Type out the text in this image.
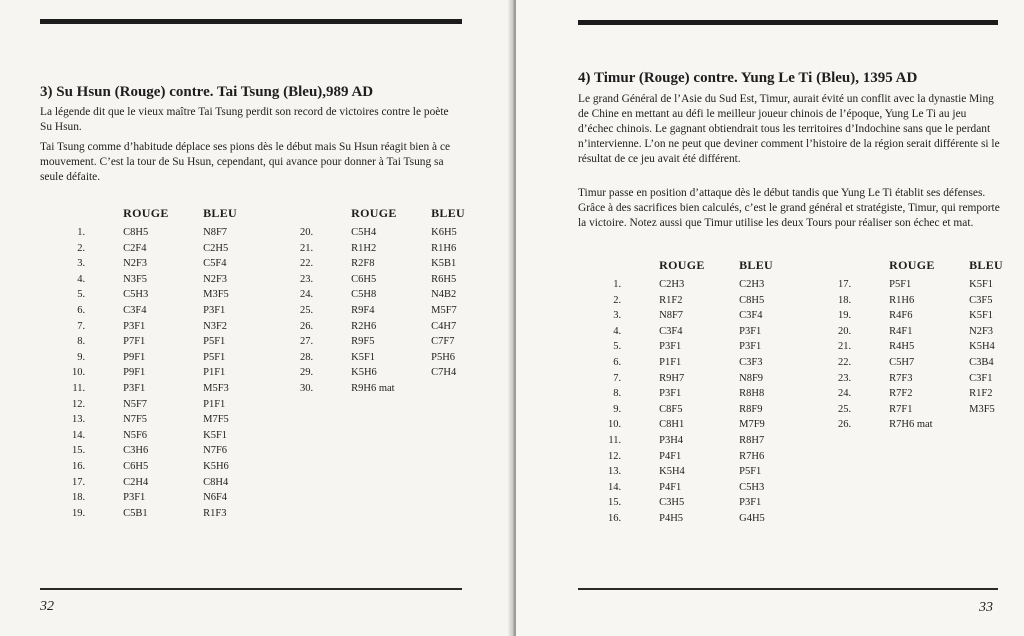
3) Su Hsun (Rouge) contre. Tai Tsung (Bleu),989 AD

La légende dit que le vieux maître Tai Tsung perdit son record de victoires contre le poète Su Hsun.

Tai Tsung comme d’habitude déplace ses pions dès le début mais Su Hsun réagit bien à ce mouvement. C’est la tour de Su Hsun, cependant, qui avance pour donner à Tai Tsung sa seule défaite.

	ROUGE	BLEU
1.	C8H5	N8F7
2.	C2F4	C2H5
3.	N2F3	C5F4
4.	N3F5	N2F3
5.	C5H3	M3F5
6.	C3F4	P3F1
7.	P3F1	N3F2
8.	P7F1	P5F1
9.	P9F1	P5F1
10.	P9F1	P1F1
11.	P3F1	M5F3
12.	N5F7	P1F1
13.	N7F5	M7F5
14.	N5F6	K5F1
15.	C3H6	N7F6
16.	C6H5	K5H6
17.	C2H4	C8H4
18.	P3F1	N6F4
19.	C5B1	R1F3
	ROUGE	BLEU
20.	C5H4	K6H5
21.	R1H2	R1H6
22.	R2F8	K5B1
23.	C6H5	R6H5
24.	C5H8	N4B2
25.	R9F4	M5F7
26.	R2H6	C4H7
27.	R9F5	C7F7
28.	K5F1	P5H6
29.	K5H6	C7H4
30.	R9H6 mat	
32
4) Timur (Rouge) contre. Yung Le Ti (Bleu), 1395 AD

Le grand Général de l’Asie du Sud Est, Timur, aurait évité un conflit avec la dynastie Ming de Chine en mettant au défi le meilleur joueur chinois de l’époque, Yung Le Ti au jeu d’échec chinois. Le gagnant obtiendrait tous les territoires d’Indochine sans que le perdant n’intervienne. L’on ne peut que deviner comment l’histoire de la région serait différente si le résultat de ce jeu avait été différent.

Timur passe en position d’attaque dès le début tandis que Yung Le Ti établit ses défenses. Grâce à des sacrifices bien calculés, c’est le grand général et stratégiste, Timur, qui remporte la victoire. Notez aussi que Timur utilise les deux Tours pour réaliser son échec et mat.

	ROUGE	BLEU
1.	C2H3	C2H3
2.	R1F2	C8H5
3.	N8F7	C3F4
4.	C3F4	P3F1
5.	P3F1	P3F1
6.	P1F1	C3F3
7.	R9H7	N8F9
8.	P3F1	R8H8
9.	C8F5	R8F9
10.	C8H1	M7F9
11.	P3H4	R8H7
12.	P4F1	R7H6
13.	K5H4	P5F1
14.	P4F1	C5H3
15.	C3H5	P3F1
16.	P4H5	G4H5
	ROUGE	BLEU
17.	P5F1	K5F1
18.	R1H6	C3F5
19.	R4F6	K5F1
20.	R4F1	N2F3
21.	R4H5	K5H4
22.	C5H7	C3B4
23.	R7F3	C3F1
24.	R7F2	R1F2
25.	R7F1	M3F5
26.	R7H6 mat	
33
